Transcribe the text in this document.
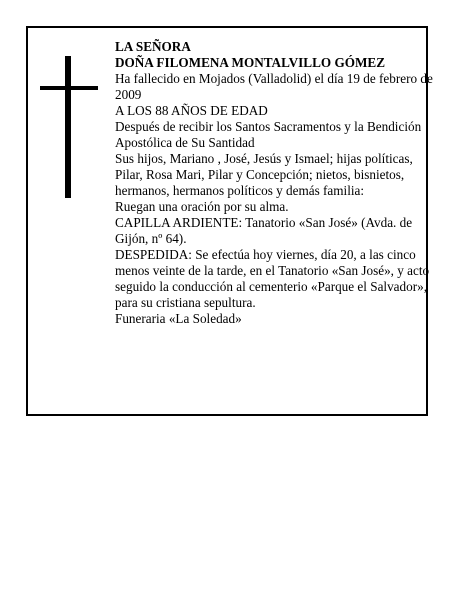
LA SEÑORA

DOÑA FILOMENA MONTALVILLO GÓMEZ

Ha fallecido en Mojados (Valladolid) el día 19 de febrero de 2009

A LOS 88 AÑOS DE EDAD

Después de recibir los Santos Sacramentos y la Bendición Apostólica de Su Santidad

Sus hijos, Mariano , José, Jesús y Ismael; hijas políticas, Pilar, Rosa Mari, Pilar y Concepción; nietos, bisnietos, hermanos, hermanos políticos y demás familia:

Ruegan una oración por su alma.

CAPILLA ARDIENTE: Tanatorio «San José» (Avda. de Gijón, nº 64).

DESPEDIDA: Se efectúa hoy viernes, día 20, a las cinco menos veinte de la tarde, en el Tanatorio «San José», y acto seguido la conducción al cementerio «Parque el Salvador», para su cristiana sepultura.

Funeraria «La Soledad»
